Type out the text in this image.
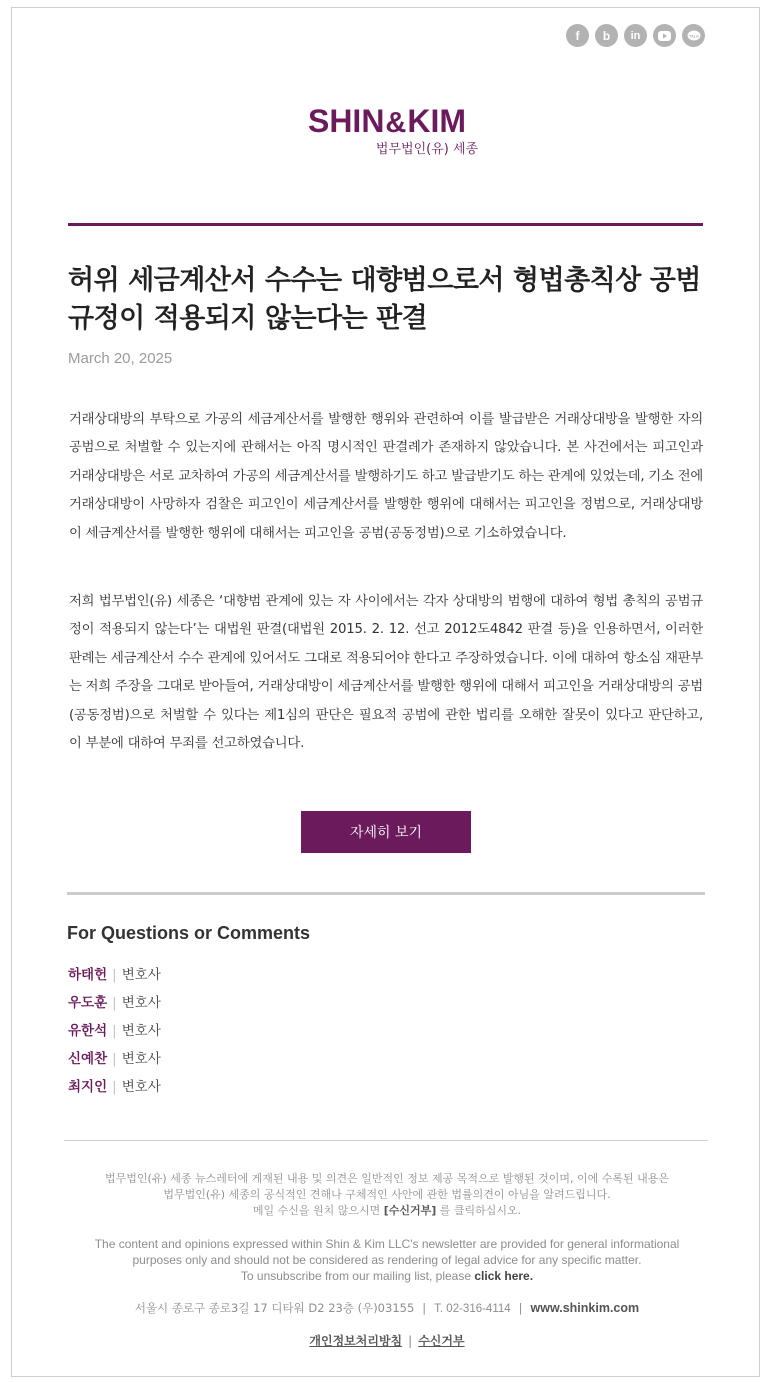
f	b	in	TALK
SHIN&KIM
법무법인(유) 세종
허위 세금계산서 수수는 대향범으로서 형법총칙상 공범규정이 적용되지 않는다는 판결
March 20, 2025

거래상대방의 부탁으로 가공의 세금계산서를 발행한 행위와 관련하여 이를 발급받은 거래상대방을 발행한 자의 공범으로 처벌할 수 있는지에 관해서는 아직 명시적인 판결례가 존재하지 않았습니다. 본 사건에서는 피고인과 거래상대방은 서로 교차하여 가공의 세금계산서를 발행하기도 하고 발급받기도 하는 관계에 있었는데, 기소 전에 거래상대방이 사망하자 검찰은 피고인이 세금계산서를 발행한 행위에 대해서는 피고인을 정범으로, 거래상대방이 세금계산서를 발행한 행위에 대해서는 피고인을 공범(공동정범)으로 기소하였습니다.

저희 법무법인(유) 세종은 ‘대향범 관계에 있는 자 사이에서는 각자 상대방의 범행에 대하여 형법 총칙의 공범규정이 적용되지 않는다’는 대법원 판결(대법원 2015. 2. 12. 선고 2012도4842 판결 등)을 인용하면서, 이러한 판례는 세금계산서 수수 관계에 있어서도 그대로 적용되어야 한다고 주장하였습니다. 이에 대하여 항소심 재판부는 저희 주장을 그대로 받아들여, 거래상대방이 세금계산서를 발행한 행위에 대해서 피고인을 거래상대방의 공범(공동정범)으로 처벌할 수 있다는 제1심의 판단은 필요적 공범에 관한 법리를 오해한 잘못이 있다고 판단하고, 이 부분에 대하여 무죄를 선고하였습니다.

자세히 보기
For Questions or Comments
하태헌 | 변호사
우도훈 | 변호사
유한석 | 변호사
신예찬 | 변호사
최지인 | 변호사
법무법인(유) 세종 뉴스레터에 게재된 내용 및 의견은 일반적인 정보 제공 목적으로 발행된 것이며, 이에 수록된 내용은
법무법인(유) 세종의 공식적인 견해나 구체적인 사안에 관한 법률의견이 아님을 알려드립니다.
메일 수신을 원치 않으시면 [수신거부] 를 클릭하십시오.
The content and opinions expressed within Shin & Kim LLC's newsletter are provided for general informational
purposes only and should not be considered as rendering of legal advice for any specific matter.
To unsubscribe from our mailing list, please click here.
서울시 종로구 종로3길 17 디타워 D2 23층 (우)03155 | T. 02-316-4114 | www.shinkim.com
개인정보처리방침 | 수신거부
